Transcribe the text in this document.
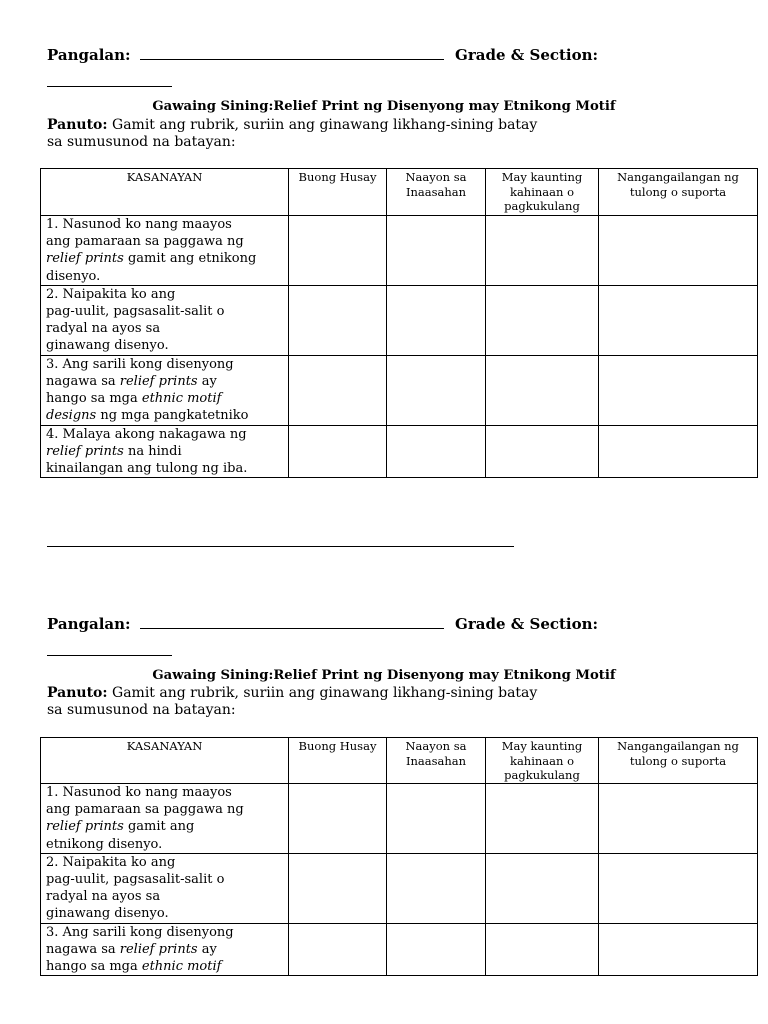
Pangalan:	Grade & Section:
Gawaing Sining:Relief Print ng Disenyong may Etnikong Motif
Panuto: Gamit ang rubrik, suriin ang ginawang likhang-sining batay
sa sumusunod na batayan:
KASANAYAN	Buong Husay	Naayon sa Inaasahan	May kaunting kahinaan o pagkukulang	Nangangailangan ng tulong o suporta
1. Nasunod ko nang maayos
ang pamaraan sa paggawa ng
relief prints gamit ang etnikong
disenyo.				
2. Naipakita ko ang
pag-uulit, pagsasalit-salit o
radyal na ayos sa
ginawang disenyo.				
3. Ang sarili kong disenyong
nagawa sa relief prints ay
hango sa mga ethnic motif
designs ng mga pangkatetniko				
4. Malaya akong nakagawa ng
relief prints na hindi
kinailangan ang tulong ng iba.				
Pangalan:	Grade & Section:
Gawaing Sining:Relief Print ng Disenyong may Etnikong Motif
Panuto: Gamit ang rubrik, suriin ang ginawang likhang-sining batay
sa sumusunod na batayan:
KASANAYAN	Buong Husay	Naayon sa Inaasahan	May kaunting kahinaan o pagkukulang	Nangangailangan ng tulong o suporta
1. Nasunod ko nang maayos
ang pamaraan sa paggawa ng
relief prints gamit ang
etnikong disenyo.				
2. Naipakita ko ang
pag-uulit, pagsasalit-salit o
radyal na ayos sa
ginawang disenyo.				
3. Ang sarili kong disenyong
nagawa sa relief prints ay
hango sa mga ethnic motif				
